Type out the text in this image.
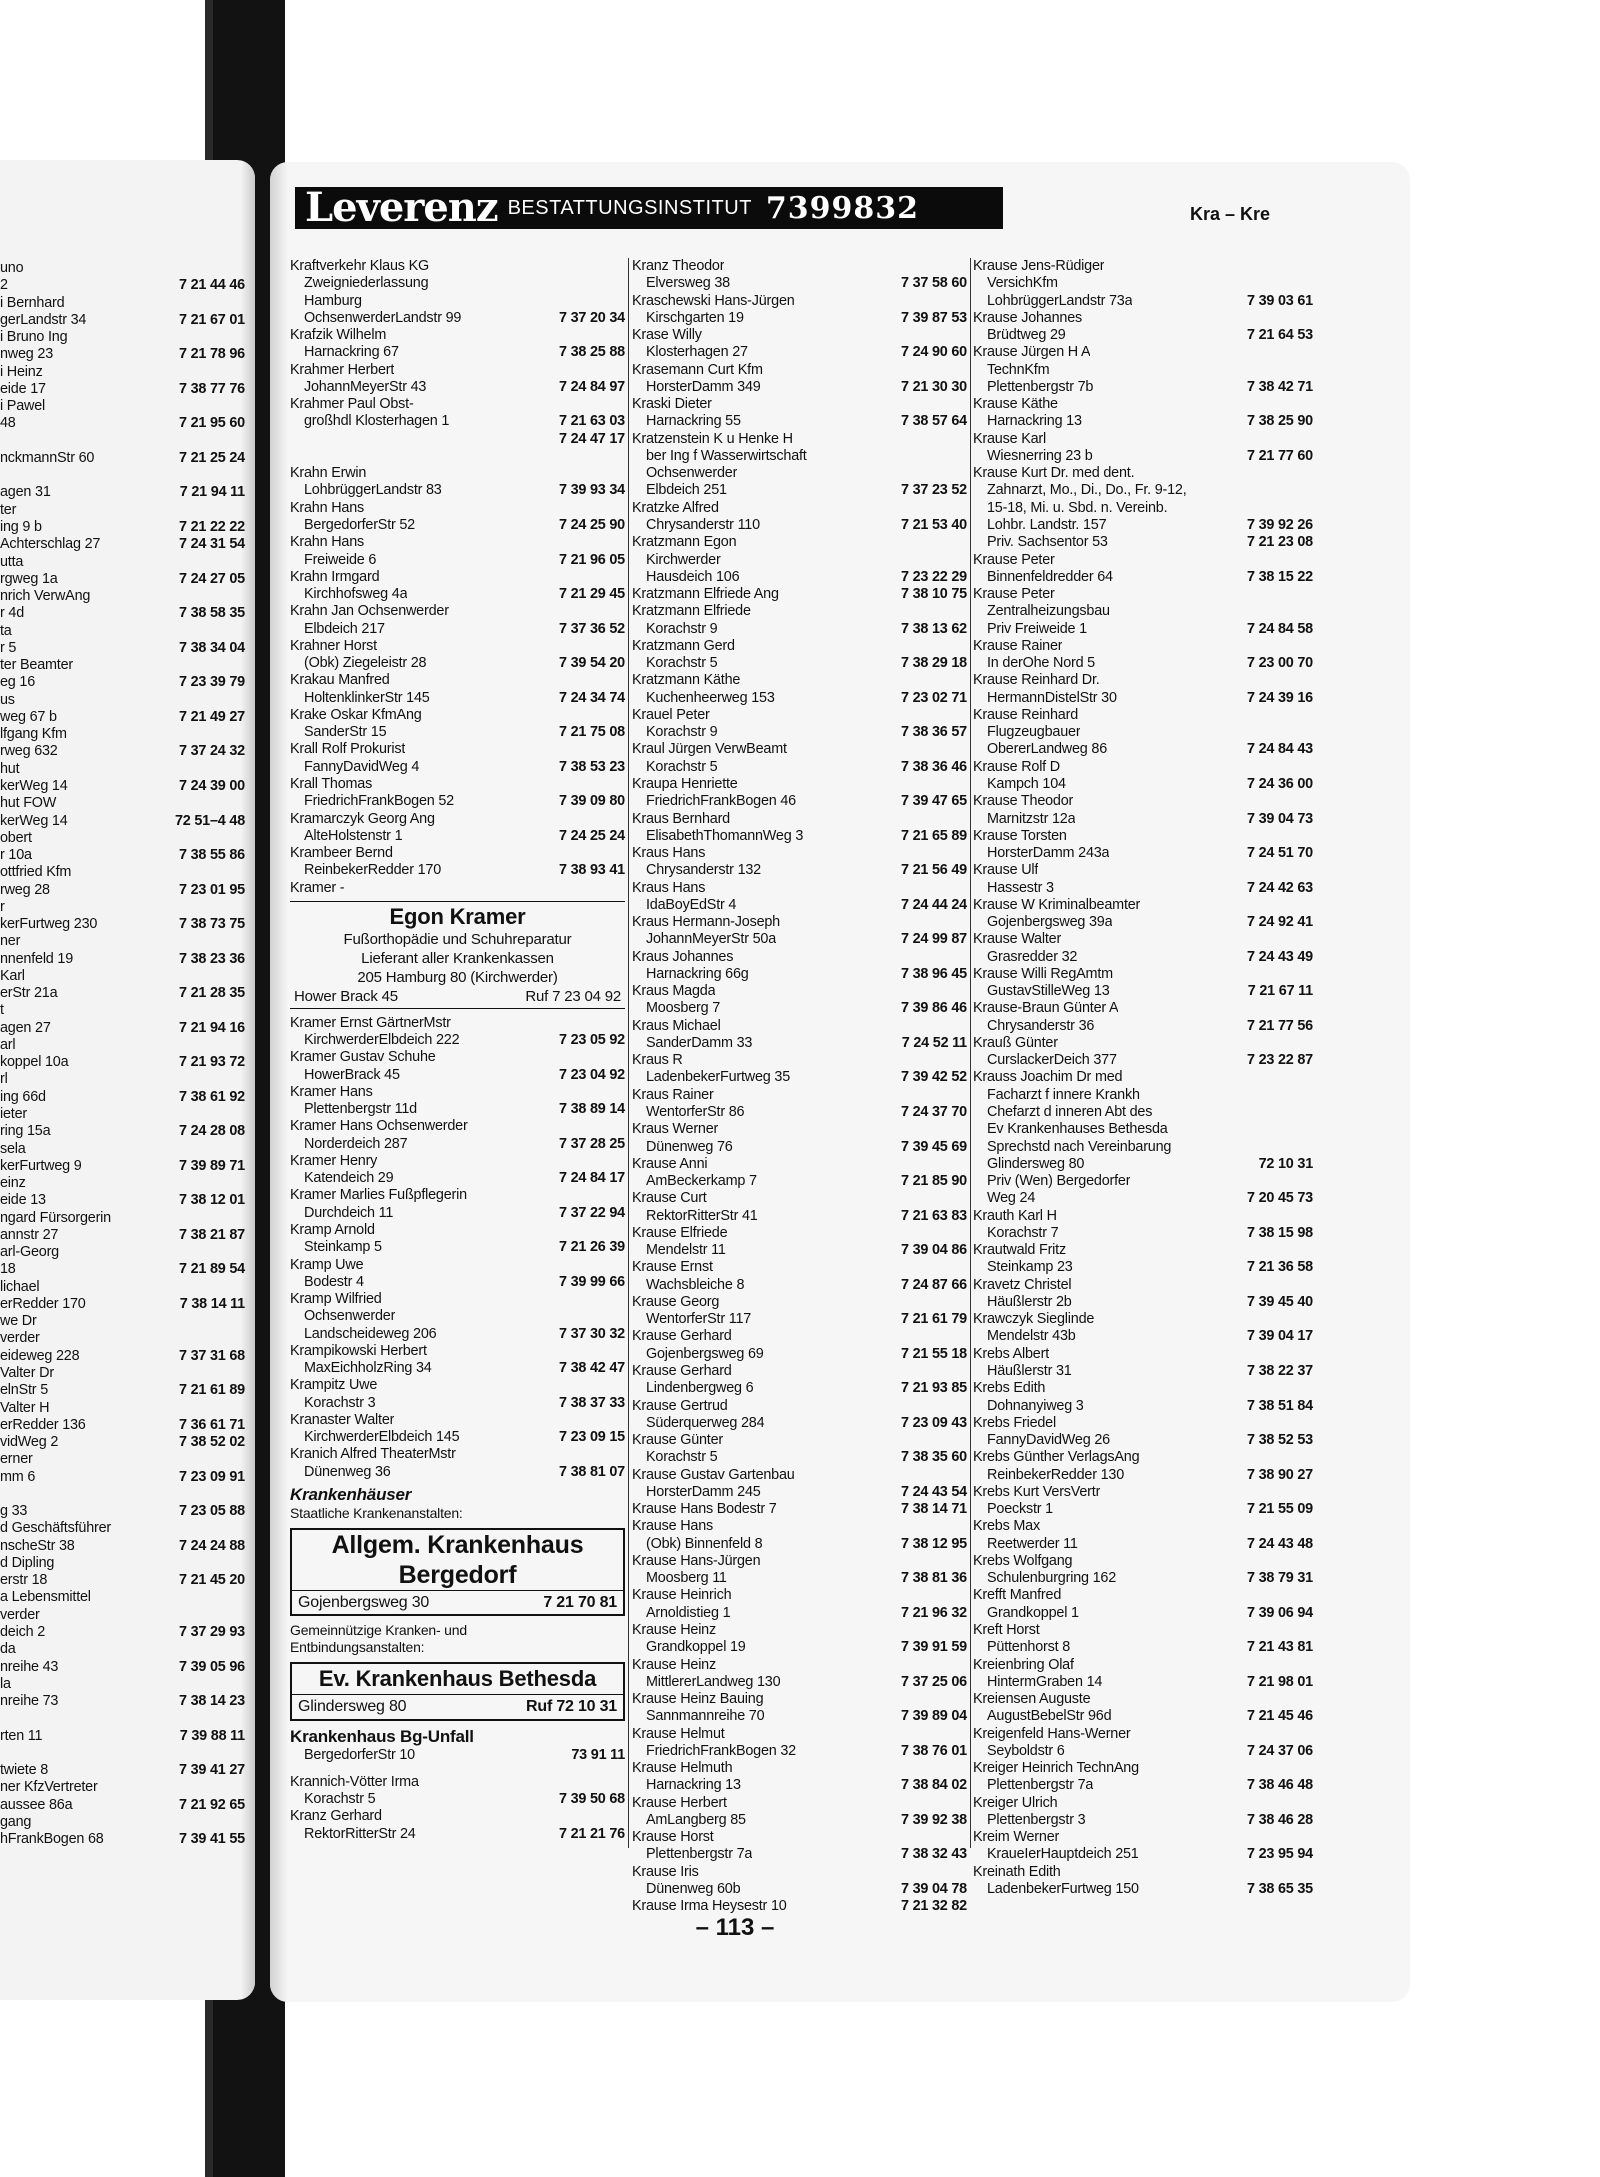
uno
2	7 21 44 46
i Bernhard
gerLandstr 34	7 21 67 01
i Bruno Ing
nweg 23	7 21 78 96
i Heinz
eide 17	7 38 77 76
i Pawel
48	7 21 95 60
nckmannStr 60	7 21 25 24
agen 31	7 21 94 11
ter
ing 9 b	7 21 22 22
Achterschlag 27	7 24 31 54
utta
rgweg 1a	7 24 27 05
nrich VerwAng
r 4d	7 38 58 35
ta
r 5	7 38 34 04
ter Beamter
eg 16	7 23 39 79
us
weg 67 b	7 21 49 27
lfgang Kfm
rweg 632	7 37 24 32
hut
kerWeg 14	7 24 39 00
hut FOW
kerWeg 14	72 51–4 48
obert
r 10a	7 38 55 86
ottfried Kfm
rweg 28	7 23 01 95
r
kerFurtweg 230	7 38 73 75
ner
nnenfeld 19	7 38 23 36
Karl
erStr 21a	7 21 28 35
t
agen 27	7 21 94 16
arl
koppel 10a	7 21 93 72
rl
ing 66d	7 38 61 92
ieter
ring 15a	7 24 28 08
sela
kerFurtweg 9	7 39 89 71
einz
eide 13	7 38 12 01
ngard Fürsorgerin
annstr 27	7 38 21 87
arl-Georg
18	7 21 89 54
lichael
erRedder 170	7 38 14 11
we Dr
verder
eideweg 228	7 37 31 68
Valter Dr
elnStr 5	7 21 61 89
Valter H
erRedder 136	7 36 61 71
vidWeg 2	7 38 52 02
erner
mm 6	7 23 09 91
g 33	7 23 05 88
d Geschäftsführer
nscheStr 38	7 24 24 88
d Dipling
erstr 18	7 21 45 20
a Lebensmittel
verder
deich 2	7 37 29 93
da
nreihe 43	7 39 05 96
la
nreihe 73	7 38 14 23
rten 11	7 39 88 11
twiete 8	7 39 41 27
ner KfzVertreter
aussee 86a	7 21 92 65
gang
hFrankBogen 68	7 39 41 55
Leverenz BESTATTUNGSINSTITUT 7399832	Kra – Kre
Kraftverkehr Klaus KG
Zweigniederlassung
Hamburg
OchsenwerderLandstr 99	7 37 20 34
Krafzik Wilhelm
Harnackring 67	7 38 25 88
Krahmer Herbert
JohannMeyerStr 43	7 24 84 97
Krahmer Paul Obst-
großhdl Klosterhagen 1	7 21 63 03
7 24 47 17
Krahn Erwin
LohbrüggerLandstr 83	7 39 93 34
Krahn Hans
BergedorferStr 52	7 24 25 90
Krahn Hans
Freiweide 6	7 21 96 05
Krahn Irmgard
Kirchhofsweg 4a	7 21 29 45
Krahn Jan Ochsenwerder
Elbdeich 217	7 37 36 52
Krahner Horst
(Obk) Ziegeleistr 28	7 39 54 20
Krakau Manfred
HoltenklinkerStr 145	7 24 34 74
Krake Oskar KfmAng
SanderStr 15	7 21 75 08
Krall Rolf Prokurist
FannyDavidWeg 4	7 38 53 23
Krall Thomas
FriedrichFrankBogen 52	7 39 09 80
Kramarczyk Georg Ang
AlteHolstenstr 1	7 24 25 24
Krambeer Bernd
ReinbekerRedder 170	7 38 93 41
Kramer -
Egon Kramer
Fußorthopädie und Schuhreparatur
Lieferant aller Krankenkassen
205 Hamburg 80 (Kirchwerder)
Hower Brack 45	Ruf 7 23 04 92
Kramer Ernst GärtnerMstr
KirchwerderElbdeich 222	7 23 05 92
Kramer Gustav Schuhe
HowerBrack 45	7 23 04 92
Kramer Hans
Plettenbergstr 11d	7 38 89 14
Kramer Hans Ochsenwerder
Norderdeich 287	7 37 28 25
Kramer Henry
Katendeich 29	7 24 84 17
Kramer Marlies Fußpflegerin
Durchdeich 11	7 37 22 94
Kramp Arnold
Steinkamp 5	7 21 26 39
Kramp Uwe
Bodestr 4	7 39 99 66
Kramp Wilfried
Ochsenwerder
Landscheideweg 206	7 37 30 32
Krampikowski Herbert
MaxEichholzRing 34	7 38 42 47
Krampitz Uwe
Korachstr 3	7 38 37 33
Kranaster Walter
KirchwerderElbdeich 145	7 23 09 15
Kranich Alfred TheaterMstr
Dünenweg 36	7 38 81 07
Krankenhäuser
Staatliche Krankenanstalten:
Allgem. Krankenhaus
Bergedorf
Gojenbergsweg 30	7 21 70 81
Gemeinnützige Kranken- und
Entbindungsanstalten:
Ev. Krankenhaus Bethesda
Glindersweg 80	Ruf 72 10 31
Krankenhaus Bg-Unfall
BergedorferStr 10	73 91 11
Krannich-Vötter Irma
Korachstr 5	7 39 50 68
Kranz Gerhard
RektorRitterStr 24	7 21 21 76
Kranz Theodor
Elversweg 38	7 37 58 60
Kraschewski Hans-Jürgen
Kirschgarten 19	7 39 87 53
Krase Willy
Klosterhagen 27	7 24 90 60
Krasemann Curt Kfm
HorsterDamm 349	7 21 30 30
Kraski Dieter
Harnackring 55	7 38 57 64
Kratzenstein K u Henke H
ber Ing f Wasserwirtschaft
Ochsenwerder
Elbdeich 251	7 37 23 52
Kratzke Alfred
Chrysanderstr 110	7 21 53 40
Kratzmann Egon
Kirchwerder
Hausdeich 106	7 23 22 29
Kratzmann Elfriede Ang	7 38 10 75
Kratzmann Elfriede
Korachstr 9	7 38 13 62
Kratzmann Gerd
Korachstr 5	7 38 29 18
Kratzmann Käthe
Kuchenheerweg 153	7 23 02 71
Krauel Peter
Korachstr 9	7 38 36 57
Kraul Jürgen VerwBeamt
Korachstr 5	7 38 36 46
Kraupa Henriette
FriedrichFrankBogen 46	7 39 47 65
Kraus Bernhard
ElisabethThomannWeg 3	7 21 65 89
Kraus Hans
Chrysanderstr 132	7 21 56 49
Kraus Hans
IdaBoyEdStr 4	7 24 44 24
Kraus Hermann-Joseph
JohannMeyerStr 50a	7 24 99 87
Kraus Johannes
Harnackring 66g	7 38 96 45
Kraus Magda
Moosberg 7	7 39 86 46
Kraus Michael
SanderDamm 33	7 24 52 11
Kraus R
LadenbekerFurtweg 35	7 39 42 52
Kraus Rainer
WentorferStr 86	7 24 37 70
Kraus Werner
Dünenweg 76	7 39 45 69
Krause Anni
AmBeckerkamp 7	7 21 85 90
Krause Curt
RektorRitterStr 41	7 21 63 83
Krause Elfriede
Mendelstr 11	7 39 04 86
Krause Ernst
Wachsbleiche 8	7 24 87 66
Krause Georg
WentorferStr 117	7 21 61 79
Krause Gerhard
Gojenbergsweg 69	7 21 55 18
Krause Gerhard
Lindenbergweg 6	7 21 93 85
Krause Gertrud
Süderquerweg 284	7 23 09 43
Krause Günter
Korachstr 5	7 38 35 60
Krause Gustav Gartenbau
HorsterDamm 245	7 24 43 54
Krause Hans Bodestr 7	7 38 14 71
Krause Hans
(Obk) Binnenfeld 8	7 38 12 95
Krause Hans-Jürgen
Moosberg 11	7 38 81 36
Krause Heinrich
Arnoldistieg 1	7 21 96 32
Krause Heinz
Grandkoppel 19	7 39 91 59
Krause Heinz
MittlererLandweg 130	7 37 25 06
Krause Heinz Bauing
Sannmannreihe 70	7 39 89 04
Krause Helmut
FriedrichFrankBogen 32	7 38 76 01
Krause Helmuth
Harnackring 13	7 38 84 02
Krause Herbert
AmLangberg 85	7 39 92 38
Krause Horst
Plettenbergstr 7a	7 38 32 43
Krause Iris
Dünenweg 60b	7 39 04 78
Krause Irma Heysestr 10	7 21 32 82
Krause Jens-Rüdiger
VersichKfm
LohbrüggerLandstr 73a	7 39 03 61
Krause Johannes
Brüdtweg 29	7 21 64 53
Krause Jürgen H A
TechnKfm
Plettenbergstr 7b	7 38 42 71
Krause Käthe
Harnackring 13	7 38 25 90
Krause Karl
Wiesnerring 23 b	7 21 77 60
Krause Kurt Dr. med dent.
Zahnarzt, Mo., Di., Do., Fr. 9-12,
15-18, Mi. u. Sbd. n. Vereinb.
Lohbr. Landstr. 157	7 39 92 26
Priv. Sachsentor 53	7 21 23 08
Krause Peter
Binnenfeldredder 64	7 38 15 22
Krause Peter
Zentralheizungsbau
Priv Freiweide 1	7 24 84 58
Krause Rainer
In derOhe Nord 5	7 23 00 70
Krause Reinhard Dr.
HermannDistelStr 30	7 24 39 16
Krause Reinhard
Flugzeugbauer
ObererLandweg 86	7 24 84 43
Krause Rolf D
Kampch 104	7 24 36 00
Krause Theodor
Marnitzstr 12a	7 39 04 73
Krause Torsten
HorsterDamm 243a	7 24 51 70
Krause Ulf
Hassestr 3	7 24 42 63
Krause W Kriminalbeamter
Gojenbergsweg 39a	7 24 92 41
Krause Walter
Grasredder 32	7 24 43 49
Krause Willi RegAmtm
GustavStilleWeg 13	7 21 67 11
Krause-Braun Günter A
Chrysanderstr 36	7 21 77 56
Krauß Günter
CurslackerDeich 377	7 23 22 87
Krauss Joachim Dr med
Facharzt f innere Krankh
Chefarzt d inneren Abt des
Ev Krankenhauses Bethesda
Sprechstd nach Vereinbarung
Glindersweg 80	72 10 31
Priv (Wen) Bergedorfer
Weg 24	7 20 45 73
Krauth Karl H
Korachstr 7	7 38 15 98
Krautwald Fritz
Steinkamp 23	7 21 36 58
Kravetz Christel
Häußlerstr 2b	7 39 45 40
Krawczyk Sieglinde
Mendelstr 43b	7 39 04 17
Krebs Albert
Häußlerstr 31	7 38 22 37
Krebs Edith
Dohnanyiweg 3	7 38 51 84
Krebs Friedel
FannyDavidWeg 26	7 38 52 53
Krebs Günther VerlagsAng
ReinbekerRedder 130	7 38 90 27
Krebs Kurt VersVertr
Poeckstr 1	7 21 55 09
Krebs Max
Reetwerder 11	7 24 43 48
Krebs Wolfgang
Schulenburgring 162	7 38 79 31
Krefft Manfred
Grandkoppel 1	7 39 06 94
Kreft Horst
Püttenhorst 8	7 21 43 81
Kreienbring Olaf
HintermGraben 14	7 21 98 01
Kreiensen Auguste
AugustBebelStr 96d	7 21 45 46
Kreigenfeld Hans-Werner
Seyboldstr 6	7 24 37 06
Kreiger Heinrich TechnAng
Plettenbergstr 7a	7 38 46 48
Kreiger Ulrich
Plettenbergstr 3	7 38 46 28
Kreim Werner
KraueIerHauptdeich 251	7 23 95 94
Kreinath Edith
LadenbekerFurtweg 150	7 38 65 35
– 113 –
